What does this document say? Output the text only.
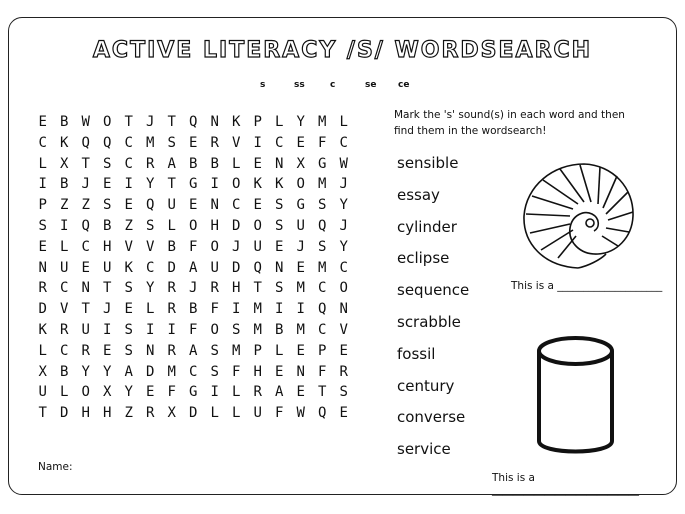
ACTIVE LITERACY /S/ WORDSEARCH
s	ss	c	se ce
E B W O T J T Q N K P L Y M L
C K Q Q C M S E R V I C E F C
L X T S C R A B B L E N X G W
I B J E I Y T G I O K K O M J
P Z Z S E Q U E N C E S G S Y
S I Q B Z S L O H D O S U Q J
E L C H V V B F O J U E J S Y
N U E U K C D A U D Q N E M C
R C N T S Y R J R H T S M C O
D V T J E L R B F I M I I Q N
K R U I S I I F O S M B M C V
L C R E S N R A S M P L E P E
X B Y Y A D M C S F H E N F R
U L O X Y E F G I L R A E T S
T D H H Z R X D L L U F W Q E
Mark the 's' sound(s) in each word and then find them in the wordsearch!
sensible
essay
cylinder
eclipse
sequence
scrabble
fossil
century
converse
service
This is a ____________________
This is a ____________________________
Name:
